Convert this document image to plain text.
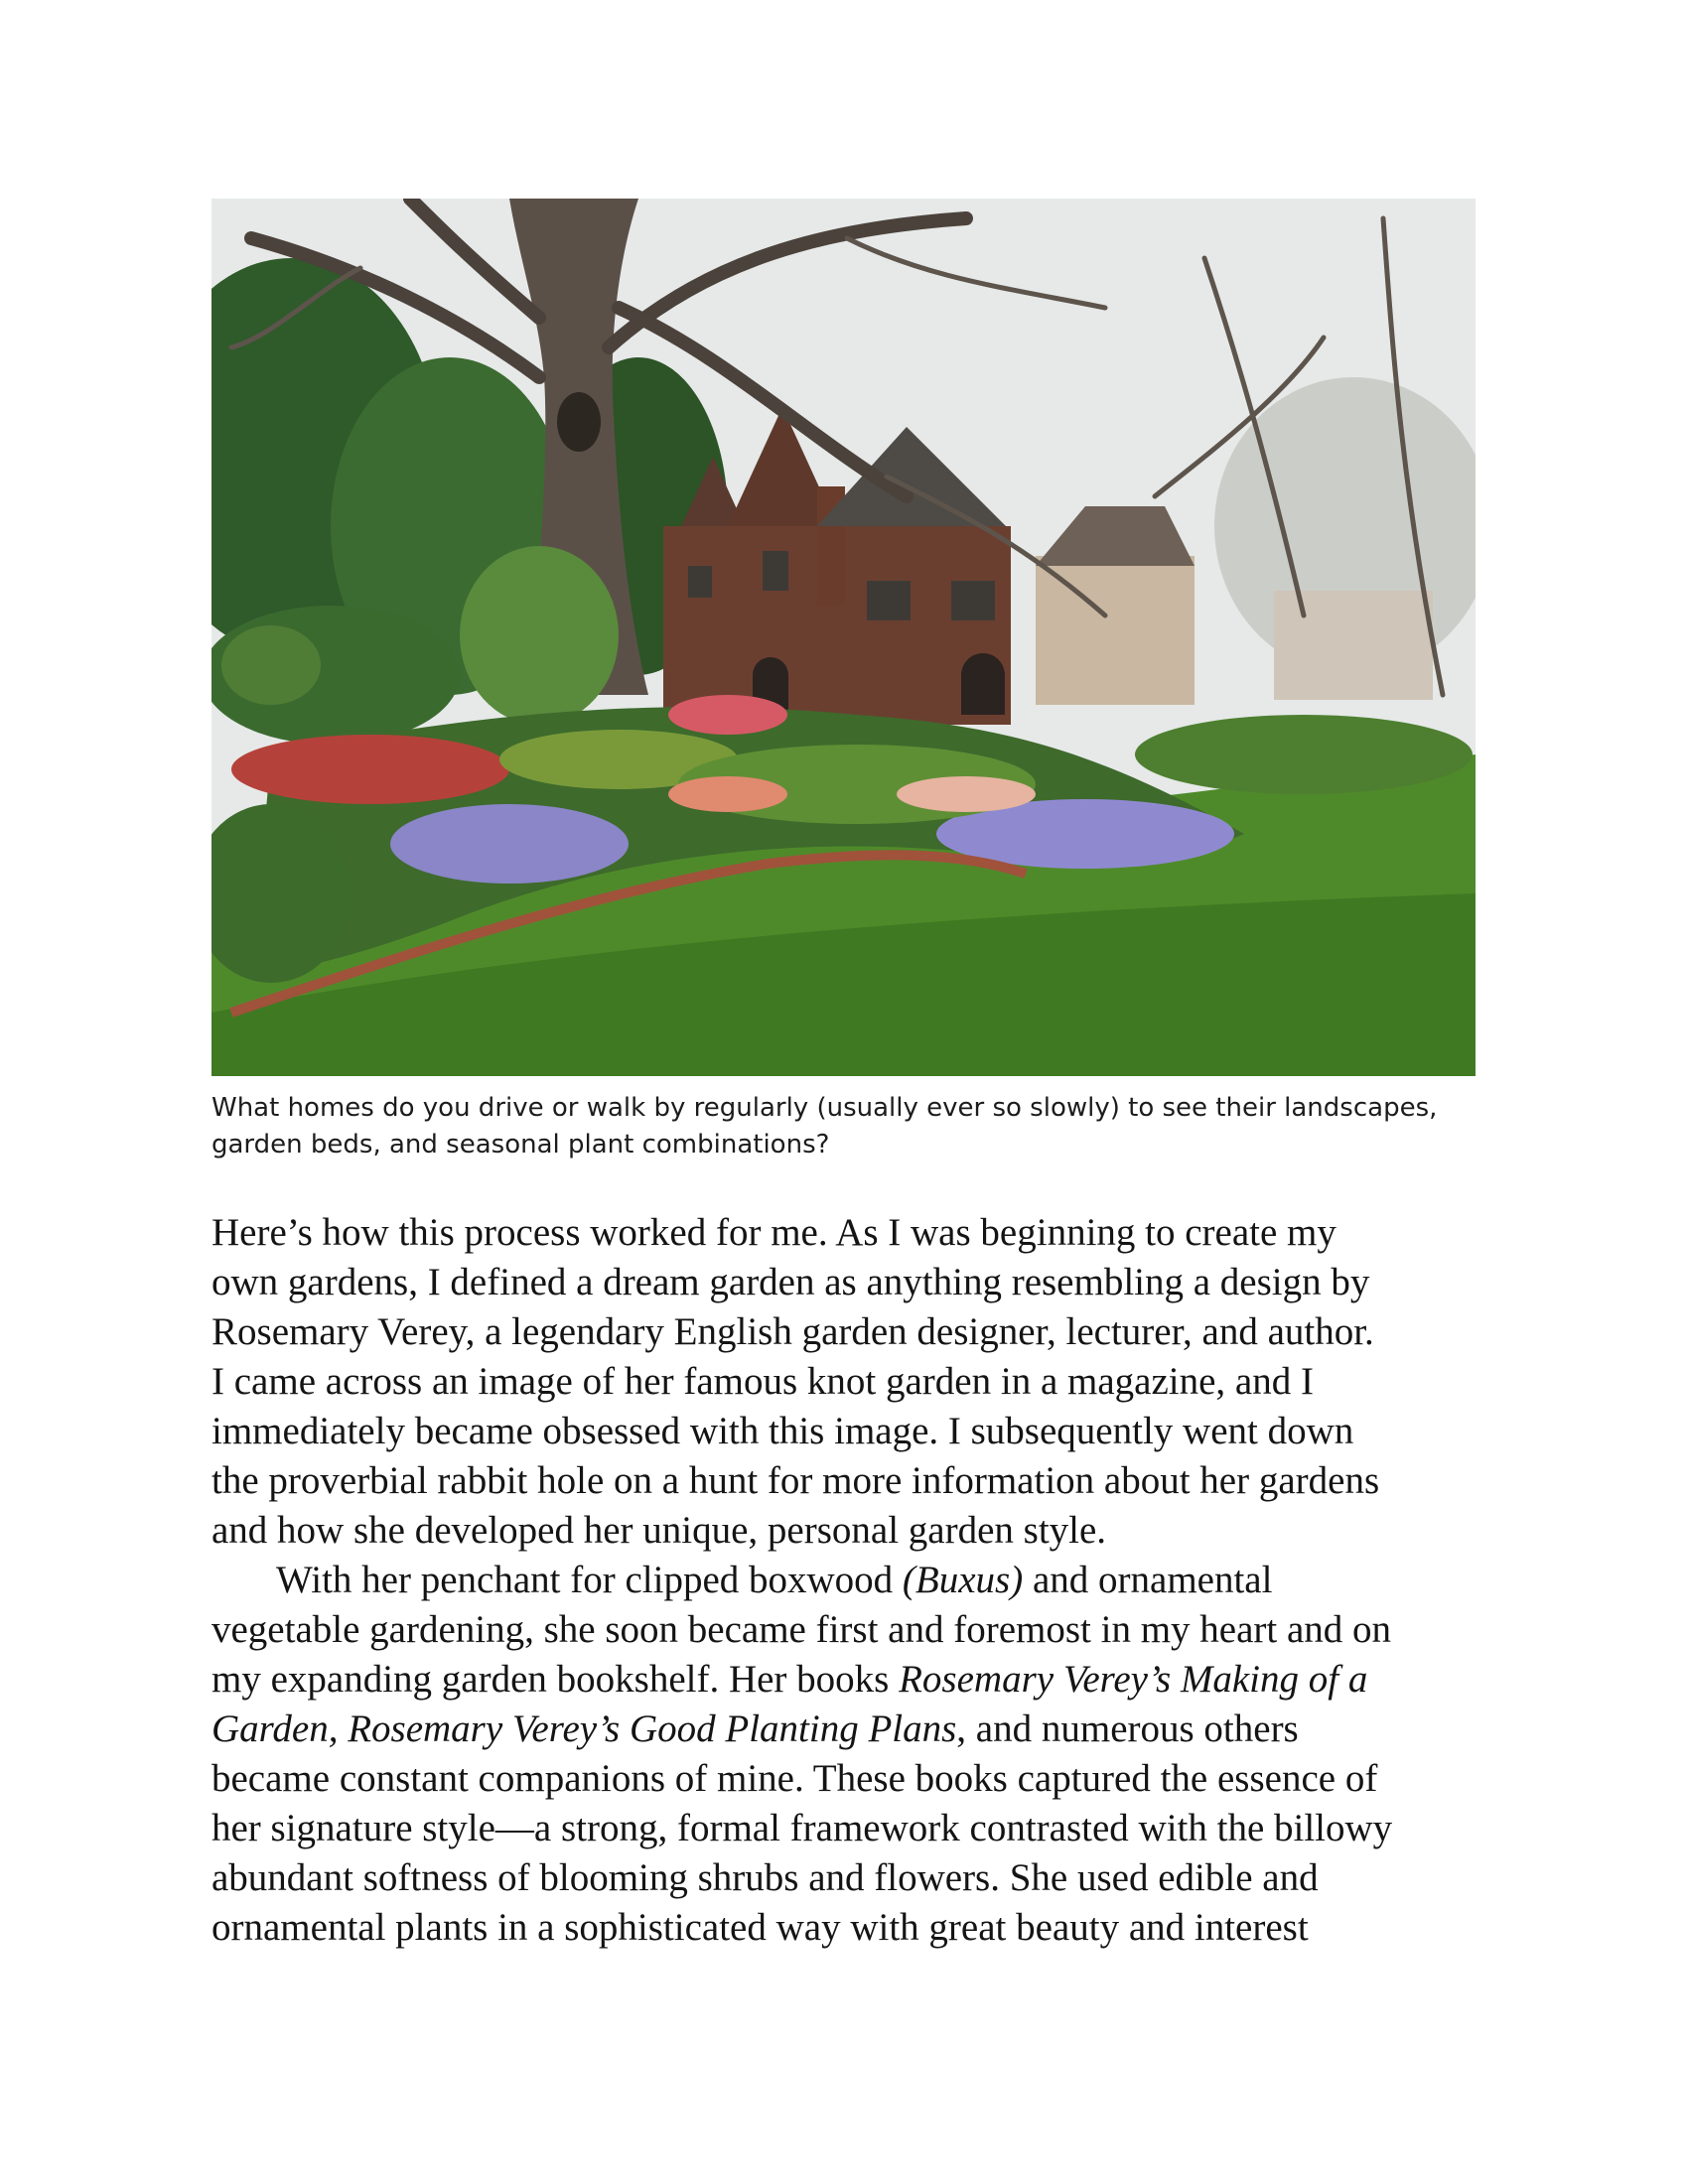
What homes do you drive or walk by regularly (usually ever so slowly) to see their landscapes,
garden beds, and seasonal plant combinations?

Here’s how this process worked for me. As I was beginning to create my
own gardens, I defined a dream garden as anything resembling a design by
Rosemary Verey, a legendary English garden designer, lecturer, and author.
I came across an image of her famous knot garden in a magazine, and I
immediately became obsessed with this image. I subsequently went down
the proverbial rabbit hole on a hunt for more information about her gardens
and how she developed her unique, personal garden style.

With her penchant for clipped boxwood (Buxus) and ornamental
vegetable gardening, she soon became first and foremost in my heart and on
my expanding garden bookshelf. Her books Rosemary Verey’s Making of a
Garden, Rosemary Verey’s Good Planting Plans, and numerous others
became constant companions of mine. These books captured the essence of
her signature style—a strong, formal framework contrasted with the billowy
abundant softness of blooming shrubs and flowers. She used edible and
ornamental plants in a sophisticated way with great beauty and interest
